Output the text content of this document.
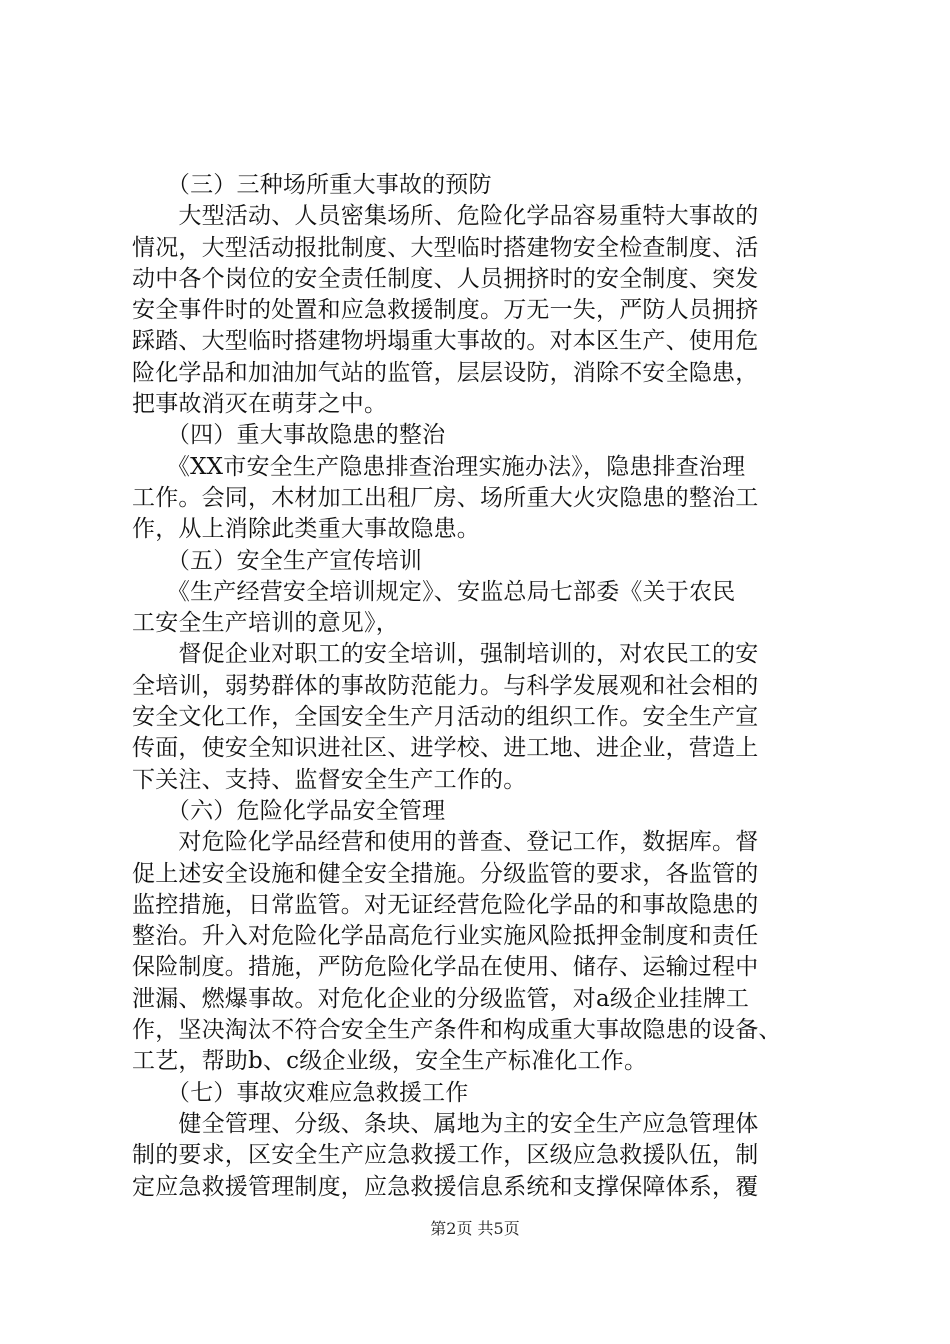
　　（三）三种场所重大事故的预防
　　大型活动、人员密集场所、危险化学品容易重特大事故的
情况，大型活动报批制度、大型临时搭建物安全检查制度、活
动中各个岗位的安全责任制度、人员拥挤时的安全制度、突发
安全事件时的处置和应急救援制度。万无一失，严防人员拥挤
踩踏、大型临时搭建物坍塌重大事故的。对本区生产、使用危
险化学品和加油加气站的监管，层层设防，消除不安全隐患，
把事故消灭在萌芽之中。
　　（四）重大事故隐患的整治
　　《XX市安全生产隐患排查治理实施办法》，隐患排查治理
工作。会同，木材加工出租厂房、场所重大火灾隐患的整治工
作，从上消除此类重大事故隐患。
　　（五）安全生产宣传培训
　　《生产经营安全培训规定》、安监总局七部委《关于农民
工安全生产培训的意见》，
　　督促企业对职工的安全培训，强制培训的，对农民工的安
全培训，弱势群体的事故防范能力。与科学发展观和社会相的
安全文化工作，全国安全生产月活动的组织工作。安全生产宣
传面，使安全知识进社区、进学校、进工地、进企业，营造上
下关注、支持、监督安全生产工作的。
　　（六）危险化学品安全管理
　　对危险化学品经营和使用的普查、登记工作，数据库。督
促上述安全设施和健全安全措施。分级监管的要求，各监管的
监控措施，日常监管。对无证经营危险化学品的和事故隐患的
整治。升入对危险化学品高危行业实施风险抵押金制度和责任
保险制度。措施，严防危险化学品在使用、储存、运输过程中
泄漏、燃爆事故。对危化企业的分级监管，对a级企业挂牌工
作，坚决淘汰不符合安全生产条件和构成重大事故隐患的设备、
工艺，帮助b、c级企业级，安全生产标准化工作。
　　（七）事故灾难应急救援工作
　　健全管理、分级、条块、属地为主的安全生产应急管理体
制的要求，区安全生产应急救援工作，区级应急救援队伍，制
定应急救援管理制度，应急救援信息系统和支撑保障体系，覆
第2页 共5页
